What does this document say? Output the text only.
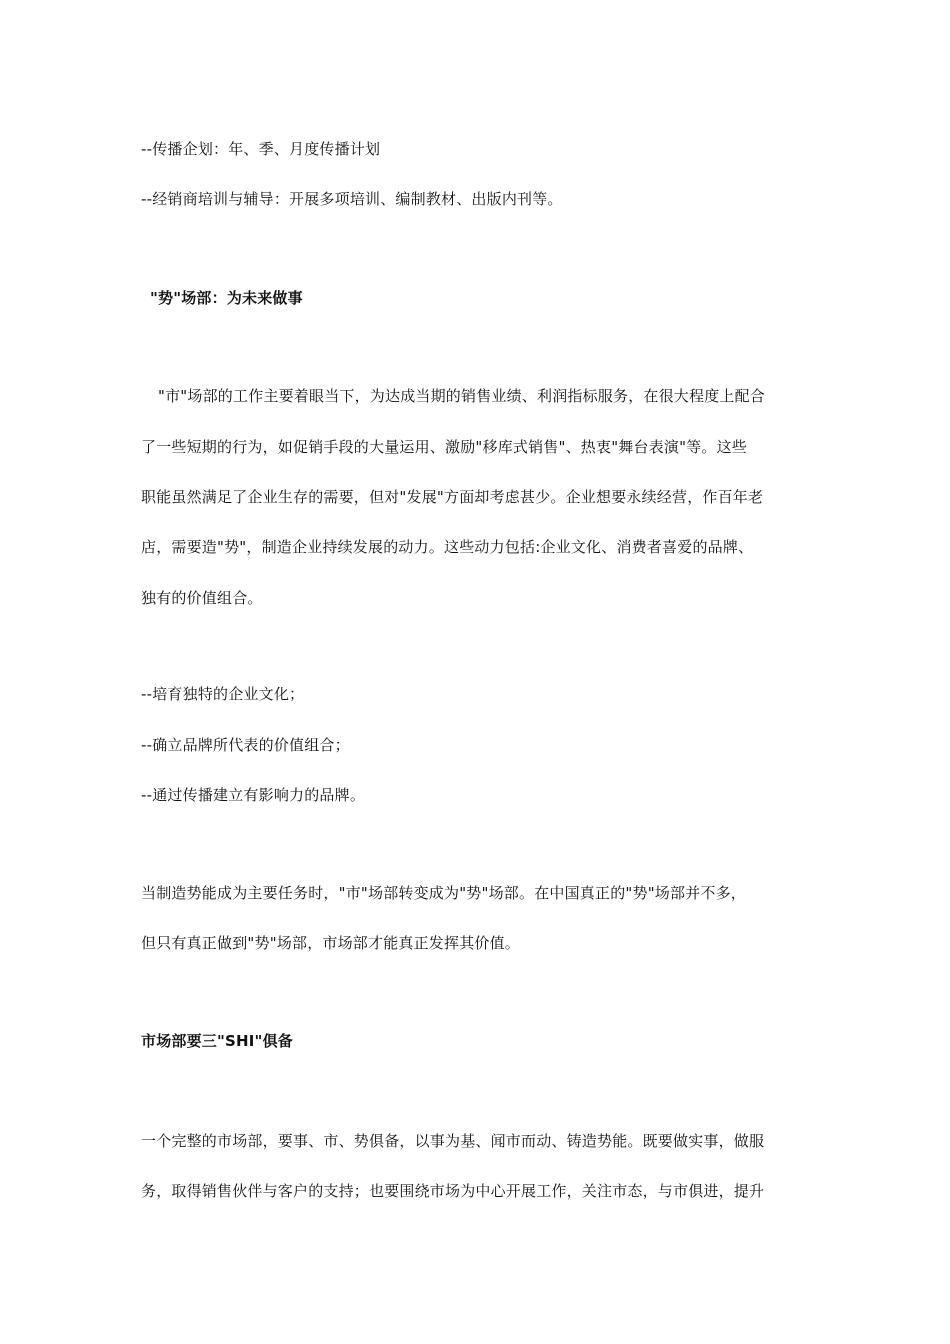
--传播企划：年、季、月度传播计划
--经销商培训与辅导：开展多项培训、编制教材、出版内刊等。
"势"场部：为未来做事
"市"场部的工作主要着眼当下，为达成当期的销售业绩、利润指标服务，在很大程度上配合
了一些短期的行为，如促销手段的大量运用、激励"移库式销售"、热衷"舞台表演"等。这些
职能虽然满足了企业生存的需要，但对"发展"方面却考虑甚少。企业想要永续经营，作百年老
店，需要造"势"，制造企业持续发展的动力。这些动力包括:企业文化、消费者喜爱的品牌、
独有的价值组合。
--培育独特的企业文化；
--确立品牌所代表的价值组合；
--通过传播建立有影响力的品牌。
当制造势能成为主要任务时，"市"场部转变成为"势"场部。在中国真正的"势"场部并不多，
但只有真正做到"势"场部，市场部才能真正发挥其价值。
市场部要三"SHI"俱备
一个完整的市场部，要事、市、势俱备，以事为基、闻市而动、铸造势能。既要做实事，做服
务，取得销售伙伴与客户的支持；也要围绕市场为中心开展工作，关注市态，与市俱进，提升
